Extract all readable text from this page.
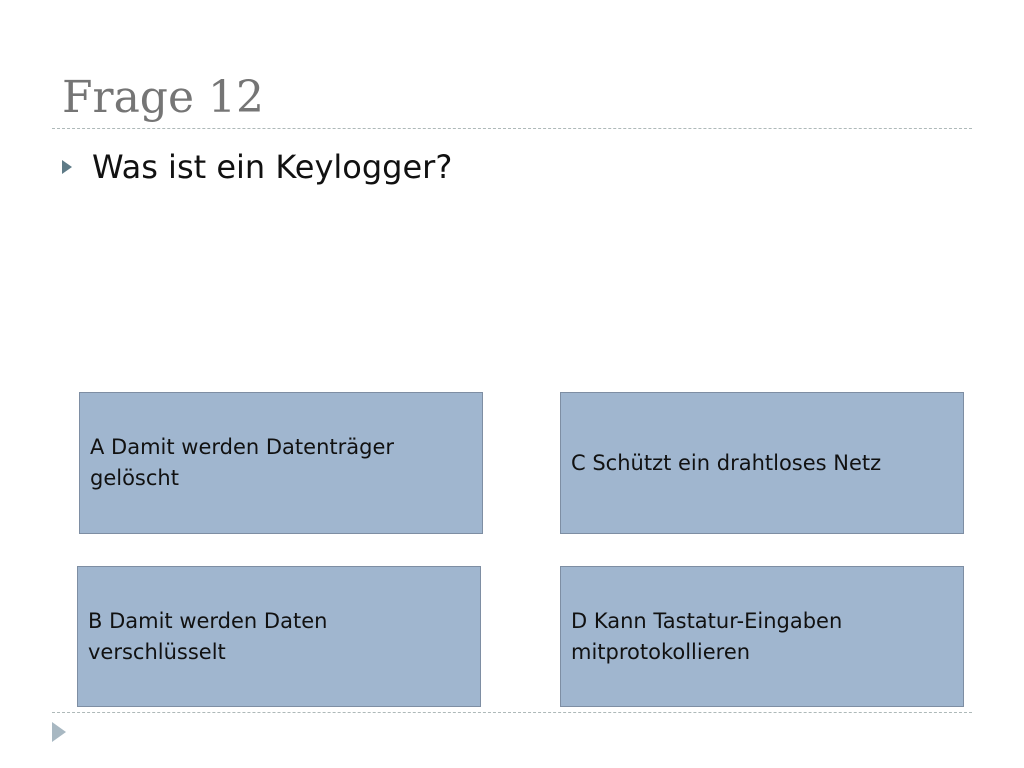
Frage 12
Was ist ein Keylogger?
A Damit werden Datenträger gelöscht
C Schützt ein drahtloses Netz
B Damit werden Daten verschlüsselt
D Kann Tastatur-Eingaben mitprotokollieren
